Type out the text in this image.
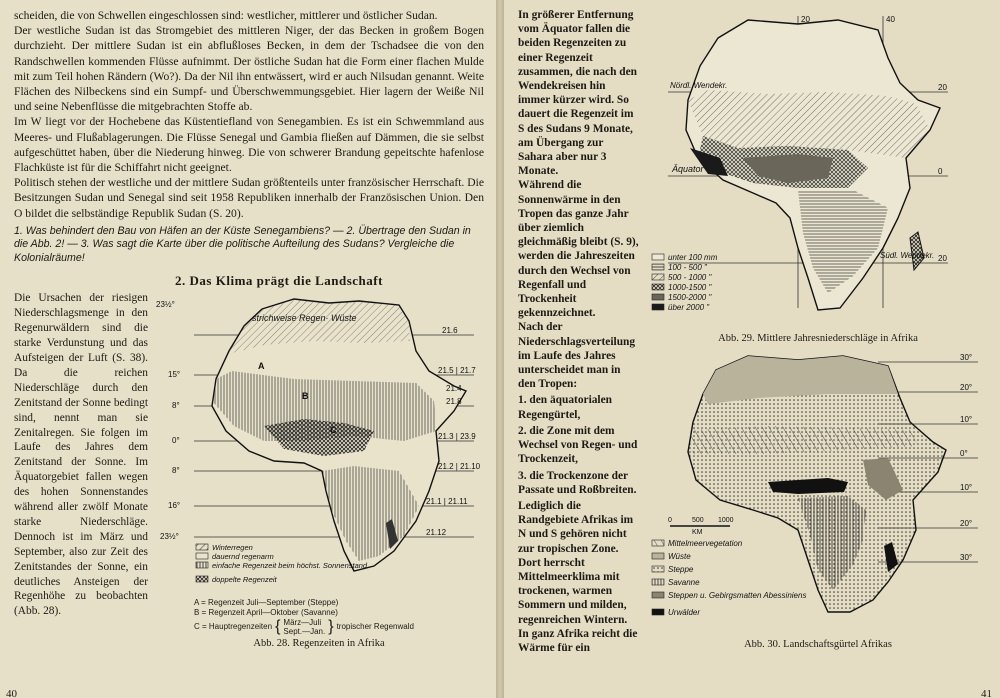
scheiden, die von Schwellen eingeschlossen sind: westlicher, mittlerer und östlicher Sudan.

Der westliche Sudan ist das Stromgebiet des mittleren Niger, der das Becken in großem Bogen durchzieht. Der mittlere Sudan ist ein abflußloses Becken, in dem der Tschadsee die von den Randschwellen kommenden Flüsse aufnimmt. Der östliche Sudan hat die Form einer flachen Mulde mit zum Teil hohen Rändern (Wo?). Da der Nil ihn entwässert, wird er auch Nilsudan genannt. Weite Flächen des Nilbeckens sind ein Sumpf- und Überschwemmungsgebiet. Hier lagern der Weiße Nil und seine Nebenflüsse die mitgebrachten Stoffe ab.

Im W liegt vor der Hochebene das Küstentiefland von Senegambien. Es ist ein Schwemmland aus Meeres- und Flußablagerungen. Die Flüsse Senegal und Gambia fließen auf Dämmen, die sie selbst aufgeschüttet haben, über die Niederung hinweg. Die von schwerer Brandung gepeitschte hafenlose Flachküste ist für die Schiffahrt nicht geeignet.

Politisch stehen der westliche und der mittlere Sudan größtenteils unter französischer Herrschaft. Die Besitzungen Sudan und Senegal sind seit 1958 Republiken innerhalb der Französischen Union. Den O bildet die selbständige Republik Sudan (S. 20).

1. Was behindert den Bau von Häfen an der Küste Senegambiens? — 2. Übertrage den Sudan in die Abb. 2! — 3. Was sagt die Karte über die politische Aufteilung des Sudans? Vergleiche die Kolonialräume!

2. Das Klima prägt die Landschaft
Die Ursachen der riesigen Niederschlagsmenge in den Regenurwäldern sind die starke Verdunstung und das Aufsteigen der Luft (S. 38). Da die reichen Niederschläge durch den Zenitstand der Sonne bedingt sind, nennt man sie Zenitalregen. Sie folgen im Laufe des Jahres dem Zenitstand der Sonne. Im Äquatorgebiet fallen wegen des hohen Sonnenstandes während aller zwölf Monate starke Niederschläge. Dennoch ist im März und September, also zur Zeit des Zenitstandes der Sonne, ein deutliches Ansteigen der Regenhöhe zu beobachten (Abb. 28).
strichweise Regen· Wüste
23½°
15°
8°
0°
8°
16°
23½°
21.6
21.5 | 21.7
21.4
21.8
21.3 | 23.9
21.2 | 21.10
21.1 | 21.11
21.12
A
B
C
Winterregen
dauernd regenarm
einfache Regenzeit beim höchst. Sonnenstand
doppelte Regenzeit
A = Regenzeit Juli—September (Steppe)
B = Regenzeit April—Oktober (Savanne)
C = Hauptregenzeiten { März—Juli
Sept.—Jan. } tropischer Regenwald
Abb. 28. Regenzeiten in Afrika
40

In größerer Entfernung vom Äquator fallen die beiden Regenzeiten zu einer Regenzeit zusammen, die nach den Wendekreisen hin immer kürzer wird. So dauert die Regenzeit im S des Sudans 9 Monate, am Übergang zur Sahara aber nur 3 Monate.

Während die Sonnenwärme in den Tropen das ganze Jahr über ziemlich gleichmäßig bleibt (S. 9), werden die Jahreszeiten durch den Wechsel von Regenfall und Trockenheit gekennzeichnet.

Nach der Niederschlagsverteilung im Laufe des Jahres unterscheidet man in den Tropen:

1. den äquatorialen Regengürtel,

2. die Zone mit dem Wechsel von Regen- und Trockenzeit,

3. die Trockenzone der Passate und Roßbreiten.

Lediglich die Randgebiete Afrikas im N und S gehören nicht zur tropischen Zone. Dort herrscht Mittelmeerklima mit trockenen, warmen Sommern und milden, regenreichen Wintern.

In ganz Afrika reicht die Wärme für ein

20	40
20
0
20
Nördl. Wendekr.
Äquator
Südl. Wendekr.
unter 100 mm
100 - 500 "
500 - 1000 "
1000-1500 "
1500-2000 "
über 2000 "
Abb. 29. Mittlere Jahresniederschläge in Afrika
30°
20°
10°
0°
10°
20°
30°
0	500 1000
KM
Mittelmeervegetation
Wüste
Steppe
Savanne
Steppen u. Gebirgsmatten Abessiniens
Urwälder
Abb. 30. Landschaftsgürtel Afrikas
41
